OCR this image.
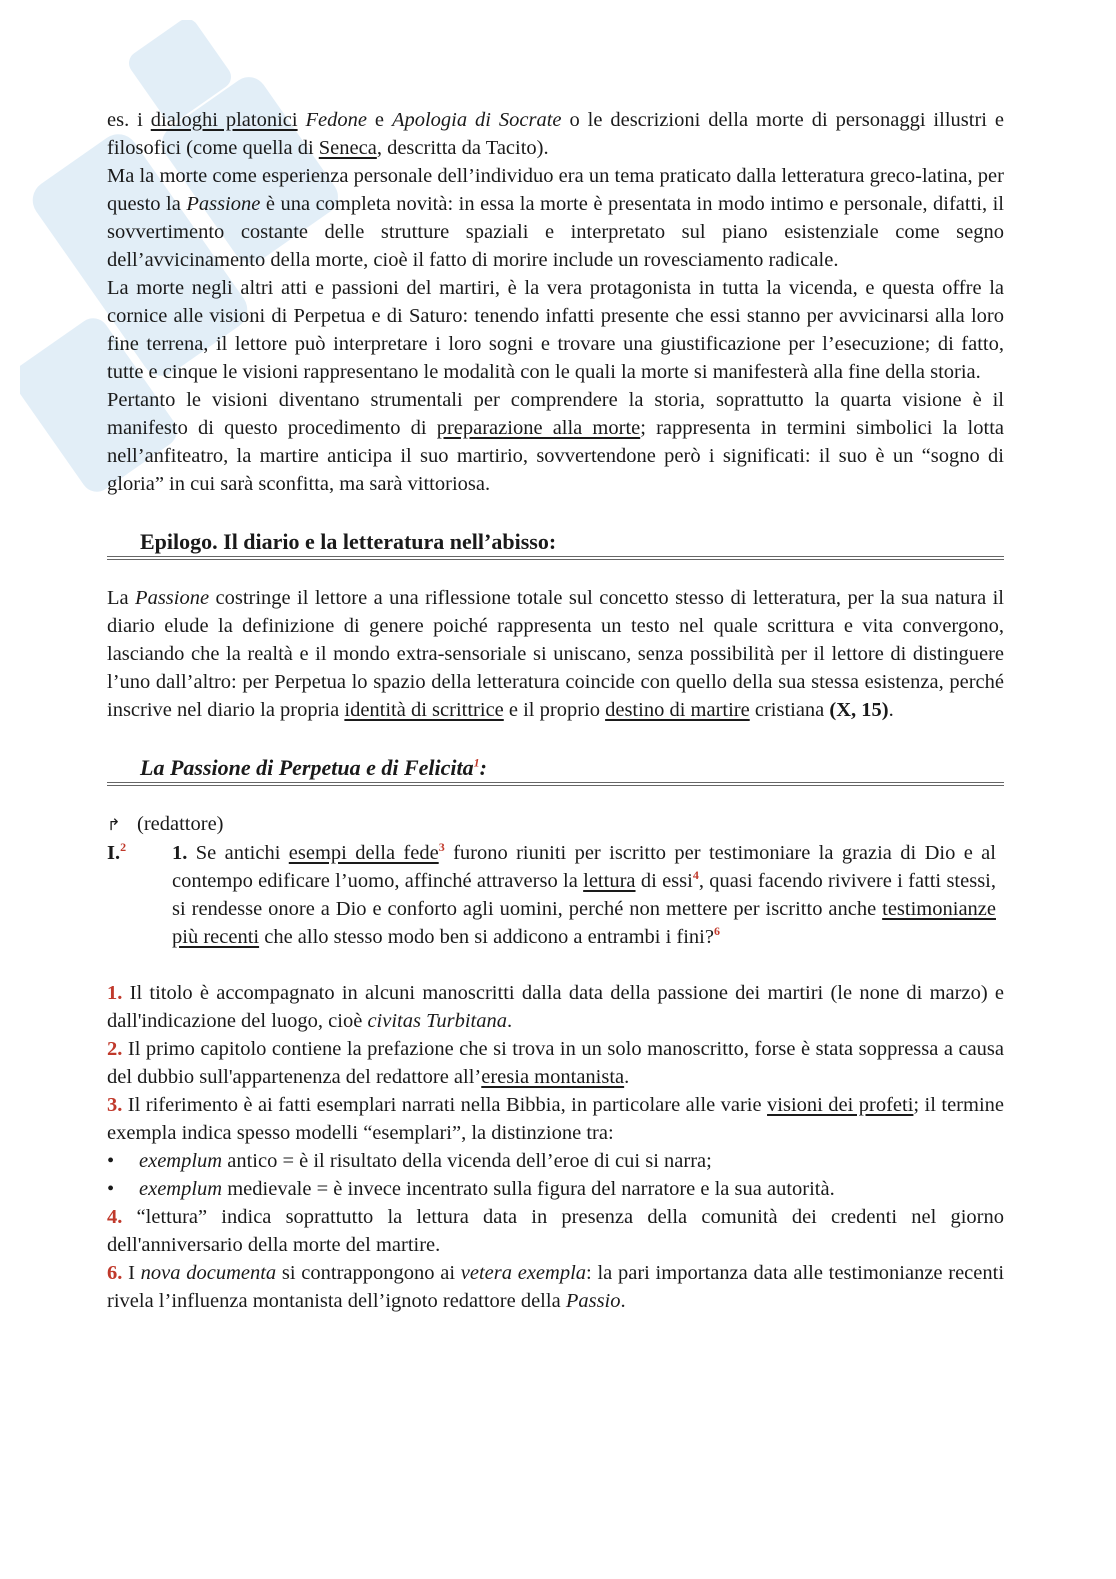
es. i dialoghi platonici Fedone e Apologia di Socrate o le descrizioni della morte di personaggi illustri e filosofici (come quella di Seneca, descritta da Tacito).

Ma la morte come esperienza personale dell’individuo era un tema praticato dalla letteratura greco-latina, per questo la Passione è una completa novità: in essa la morte è presentata in modo intimo e personale, difatti, il sovvertimento costante delle strutture spaziali e interpretato sul piano esistenziale come segno dell’avvicinamento della morte, cioè il fatto di morire include un rovesciamento radicale.

La morte negli altri atti e passioni del martiri, è la vera protagonista in tutta la vicenda, e questa offre la cornice alle visioni di Perpetua e di Saturo: tenendo infatti presente che essi stanno per avvicinarsi alla loro fine terrena, il lettore può interpretare i loro sogni e trovare una giustificazione per l’esecuzione; di fatto, tutte e cinque le visioni rappresentano le modalità con le quali la morte si manifesterà alla fine della storia.

Pertanto le visioni diventano strumentali per comprendere la storia, soprattutto la quarta visione è il manifesto di questo procedimento di preparazione alla morte; rappresenta in termini simbolici la lotta nell’anfiteatro, la martire anticipa il suo martirio, sovvertendone però i significati: il suo è un “sogno di gloria” in cui sarà sconfitta, ma sarà vittoriosa.

Epilogo. Il diario e la letteratura nell’abisso:

La Passione costringe il lettore a una riflessione totale sul concetto stesso di letteratura, per la sua natura il diario elude la definizione di genere poiché rappresenta un testo nel quale scrittura e vita convergono, lasciando che la realtà e il mondo extra-sensoriale si uniscano, senza possibilità per il lettore di distinguere l’uno dall’altro: per Perpetua lo spazio della letteratura coincide con quello della sua stessa esistenza, perché inscrive nel diario la propria identità di scrittrice e il proprio destino di martire cristiana (X, 15).

La Passione di Perpetua e di Felicita$^1$:
↱ (redattore)
I.$^2$	1. Se antichi esempi della fede$^3$ furono riuniti per iscritto per testimoniare la grazia di Dio e al contempo edificare l’uomo, affinché attraverso la lettura di essi$^4$, quasi facendo rivivere i fatti stessi, si rendesse onore a Dio e conforto agli uomini, perché non mettere per iscritto anche testimonianze più recenti che allo stesso modo ben si addicono a entrambi i fini?$^6$

1. Il titolo è accompagnato in alcuni manoscritti dalla data della passione dei martiri (le none di marzo) e dall'indicazione del luogo, cioè civitas Turbitana.

2. Il primo capitolo contiene la prefazione che si trova in un solo manoscritto, forse è stata soppressa a causa del dubbio sull'appartenenza del redattore all’eresia montanista.

3. Il riferimento è ai fatti esemplari narrati nella Bibbia, in particolare alle varie visioni dei profeti; il termine exempla indica spesso modelli “esemplari”, la distinzione tra:

•	exemplum antico = è il risultato della vicenda dell’eroe di cui si narra;
•	exemplum medievale = è invece incentrato sulla figura del narratore e la sua autorità.

4. “lettura” indica soprattutto la lettura data in presenza della comunità dei credenti nel giorno dell'anniversario della morte del martire.

6. I nova documenta si contrappongono ai vetera exempla: la pari importanza data alle testimonianze recenti rivela l’influenza montanista dell’ignoto redattore della Passio.
